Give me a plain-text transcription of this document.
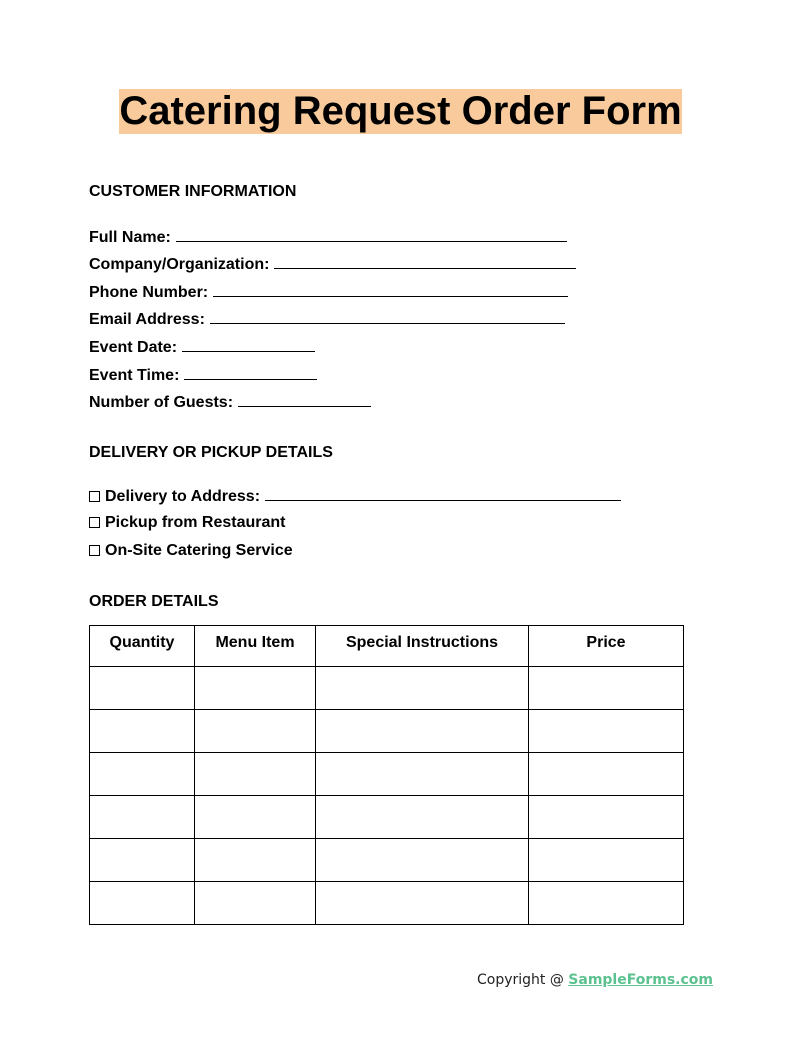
Catering Request Order Form
CUSTOMER INFORMATION
Full Name:
Company/Organization:
Phone Number:
Email Address:
Event Date:
Event Time:
Number of Guests:
DELIVERY OR PICKUP DETAILS
Delivery to Address:
Pickup from Restaurant
On-Site Catering Service
ORDER DETAILS
Quantity	Menu Item	Special Instructions	Price

Copyright @ SampleForms.com
